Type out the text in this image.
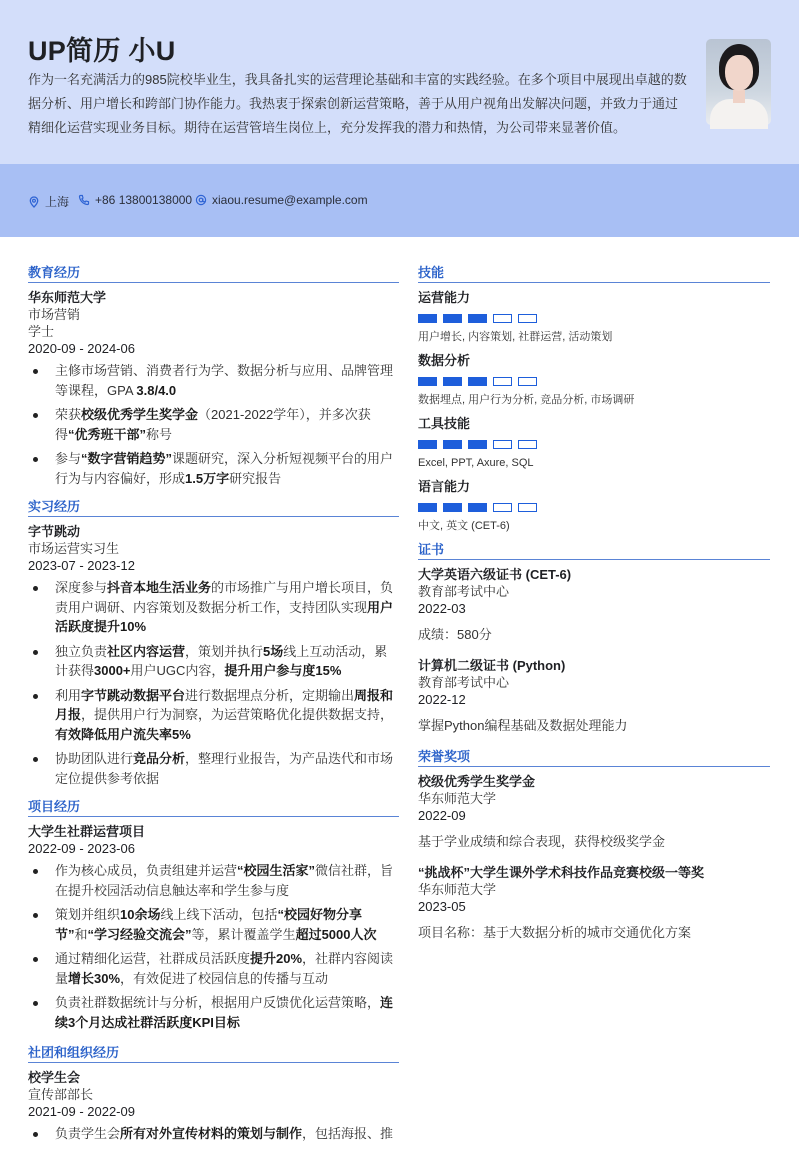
UP简历 小U
作为一名充满活力的985院校毕业生，我具备扎实的运营理论基础和丰富的实践经验。在多个项目中展现出卓越的数据分析、用户增长和跨部门协作能力。我热衷于探索创新运营策略，善于从用户视角出发解决问题，并致力于通过精细化运营实现业务目标。期待在运营管培生岗位上，充分发挥我的潜力和热情，为公司带来显著价值。
上海 +86 13800138000 xiaou.resume@example.com
教育经历
华东师范大学
市场营销
学士
2020-09 - 2024-06
主修市场营销、消费者行为学、数据分析与应用、品牌管理等课程，GPA 3.8/4.0
荣获校级优秀学生奖学金（2021-2022学年），并多次获得“优秀班干部”称号
参与“数字营销趋势”课题研究，深入分析短视频平台的用户行为与内容偏好，形成1.5万字研究报告
实习经历
字节跳动
市场运营实习生
2023-07 - 2023-12
深度参与抖音本地生活业务的市场推广与用户增长项目，负责用户调研、内容策划及数据分析工作，支持团队实现用户活跃度提升10%
独立负责社区内容运营，策划并执行5场线上互动活动，累计获得3000+用户UGC内容，提升用户参与度15%
利用字节跳动数据平台进行数据埋点分析，定期输出周报和月报，提供用户行为洞察，为运营策略优化提供数据支持，有效降低用户流失率5%
协助团队进行竞品分析，整理行业报告，为产品迭代和市场定位提供参考依据
项目经历
大学生社群运营项目
2022-09 - 2023-06
作为核心成员，负责组建并运营“校园生活家”微信社群，旨在提升校园活动信息触达率和学生参与度
策划并组织10余场线上线下活动，包括“校园好物分享节”和“学习经验交流会”等，累计覆盖学生超过5000人次
通过精细化运营，社群成员活跃度提升20%，社群内容阅读量增长30%，有效促进了校园信息的传播与互动
负责社群数据统计与分析，根据用户反馈优化运营策略，连续3个月达成社群活跃度KPI目标
社团和组织经历
校学生会
宣传部部长
2021-09 - 2022-09
负责学生会所有对外宣传材料的策划与制作，包括海报、推
技能
运营能力
用户增长, 内容策划, 社群运营, 活动策划
数据分析
数据埋点, 用户行为分析, 竞品分析, 市场调研
工具技能
Excel, PPT, Axure, SQL
语言能力
中文, 英文 (CET-6)
证书
大学英语六级证书 (CET-6)
教育部考试中心
2022-03
成绩：580分
计算机二级证书 (Python)
教育部考试中心
2022-12
掌握Python编程基础及数据处理能力
荣誉奖项
校级优秀学生奖学金
华东师范大学
2022-09
基于学业成绩和综合表现，获得校级奖学金
“挑战杯”大学生课外学术科技作品竞赛校级一等奖
华东师范大学
2023-05
项目名称：基于大数据分析的城市交通优化方案
